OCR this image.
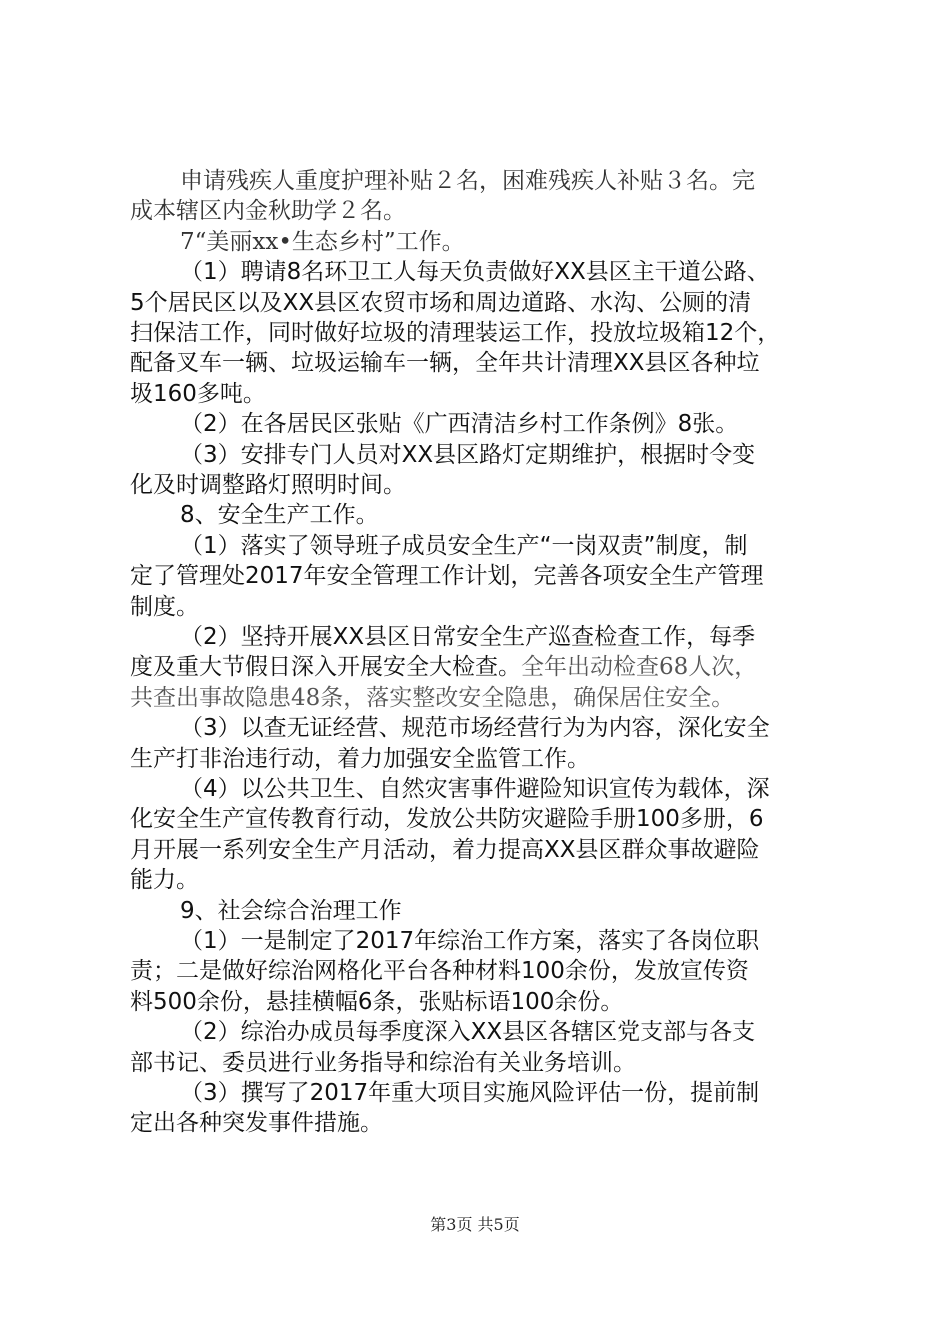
申请残疾人重度护理补贴２名，困难残疾人补贴３名。完
成本辖区内金秋助学２名。
7“美丽xx•生态乡村”工作。
（1）聘请8名环卫工人每天负责做好XX县区主干道公路、
5个居民区以及XX县区农贸市场和周边道路、水沟、公厕的清
扫保洁工作，同时做好垃圾的清理装运工作，投放垃圾箱12个，
配备叉车一辆、垃圾运输车一辆，全年共计清理XX县区各种垃
圾160多吨。
（2）在各居民区张贴《广西清洁乡村工作条例》8张。
（3）安排专门人员对XX县区路灯定期维护，根据时令变
化及时调整路灯照明时间。
8、安全生产工作。
（1）落实了领导班子成员安全生产“一岗双责”制度，制
定了管理处2017年安全管理工作计划，完善各项安全生产管理
制度。
（2）坚持开展XX县区日常安全生产巡查检查工作，每季
度及重大节假日深入开展安全大检查。全年出动检查68人次，
共查出事故隐患48条，落实整改安全隐患，确保居住安全。
（3）以查无证经营、规范市场经营行为为内容，深化安全
生产打非治违行动，着力加强安全监管工作。
（4）以公共卫生、自然灾害事件避险知识宣传为载体，深
化安全生产宣传教育行动，发放公共防灾避险手册100多册，6
月开展一系列安全生产月活动，着力提高XX县区群众事故避险
能力。
9、社会综合治理工作
（1）一是制定了2017年综治工作方案，落实了各岗位职
责；二是做好综治网格化平台各种材料100余份，发放宣传资
料500余份，悬挂横幅6条，张贴标语100余份。
（2）综治办成员每季度深入XX县区各辖区党支部与各支
部书记、委员进行业务指导和综治有关业务培训。
第3页 共5页
（3）撰写了2017年重大项目实施风险评估一份，提前制
定出各种突发事件措施。
